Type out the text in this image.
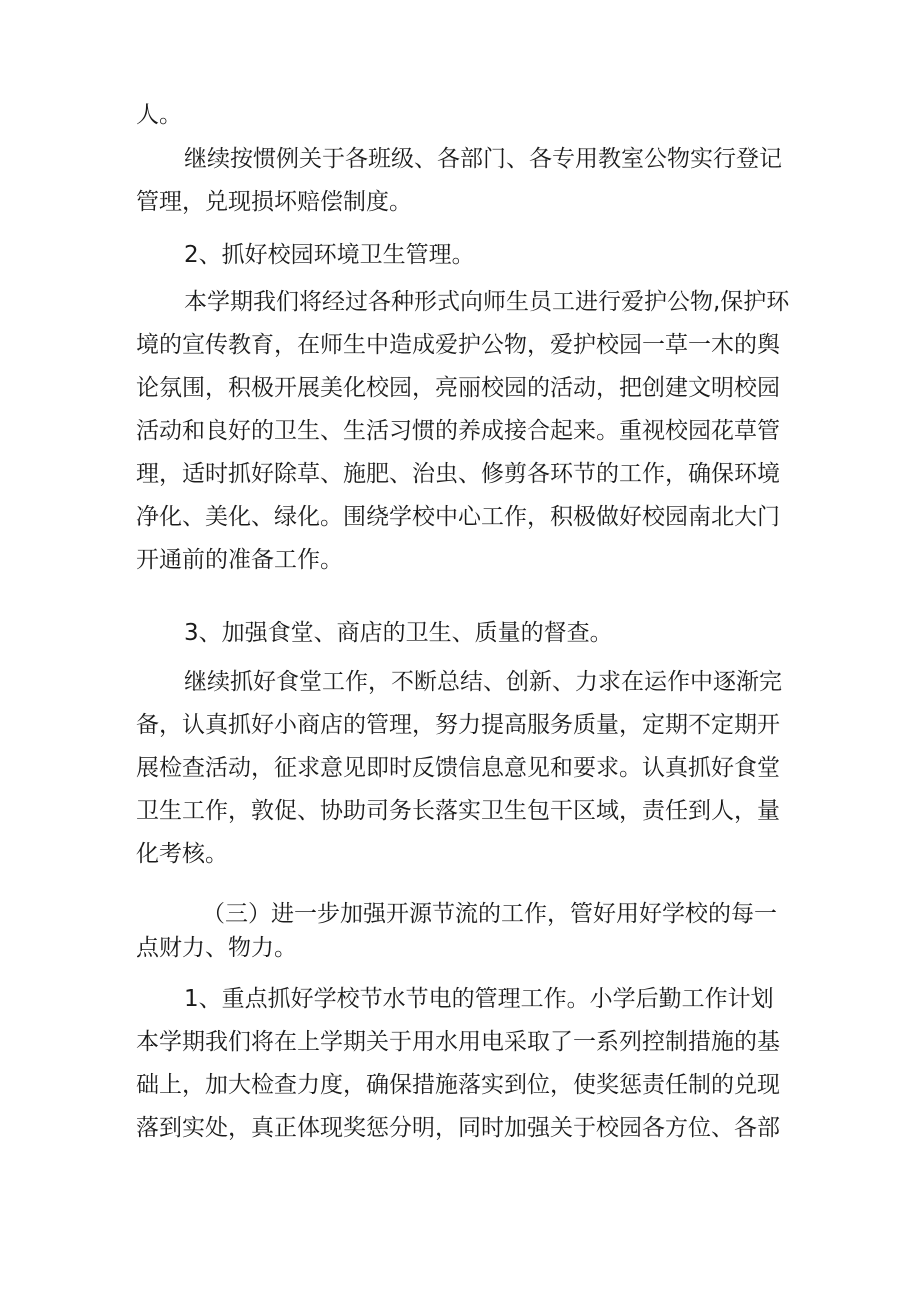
人。

继续按惯例关于各班级、各部门、各专用教室公物实行登记管理，兑现损坏赔偿制度。

2、抓好校园环境卫生管理。

本学期我们将经过各种形式向师生员工进行爱护公物,保护环境的宣传教育，在师生中造成爱护公物，爱护校园一草一木的舆论氛围，积极开展美化校园，亮丽校园的活动，把创建文明校园活动和良好的卫生、生活习惯的养成接合起来。重视校园花草管理，适时抓好除草、施肥、治虫、修剪各环节的工作，确保环境净化、美化、绿化。围绕学校中心工作，积极做好校园南北大门开通前的准备工作。

3、加强食堂、商店的卫生、质量的督查。

继续抓好食堂工作，不断总结、创新、力求在运作中逐渐完备，认真抓好小商店的管理，努力提高服务质量，定期不定期开展检查活动，征求意见即时反馈信息意见和要求。认真抓好食堂卫生工作，敦促、协助司务长落实卫生包干区域，责任到人，量化考核。

（三）进一步加强开源节流的工作，管好用好学校的每一点财力、物力。

1、重点抓好学校节水节电的管理工作。小学后勤工作计划本学期我们将在上学期关于用水用电采取了一系列控制措施的基础上，加大检查力度，确保措施落实到位，使奖惩责任制的兑现落到实处，真正体现奖惩分明，同时加强关于校园各方位、各部
